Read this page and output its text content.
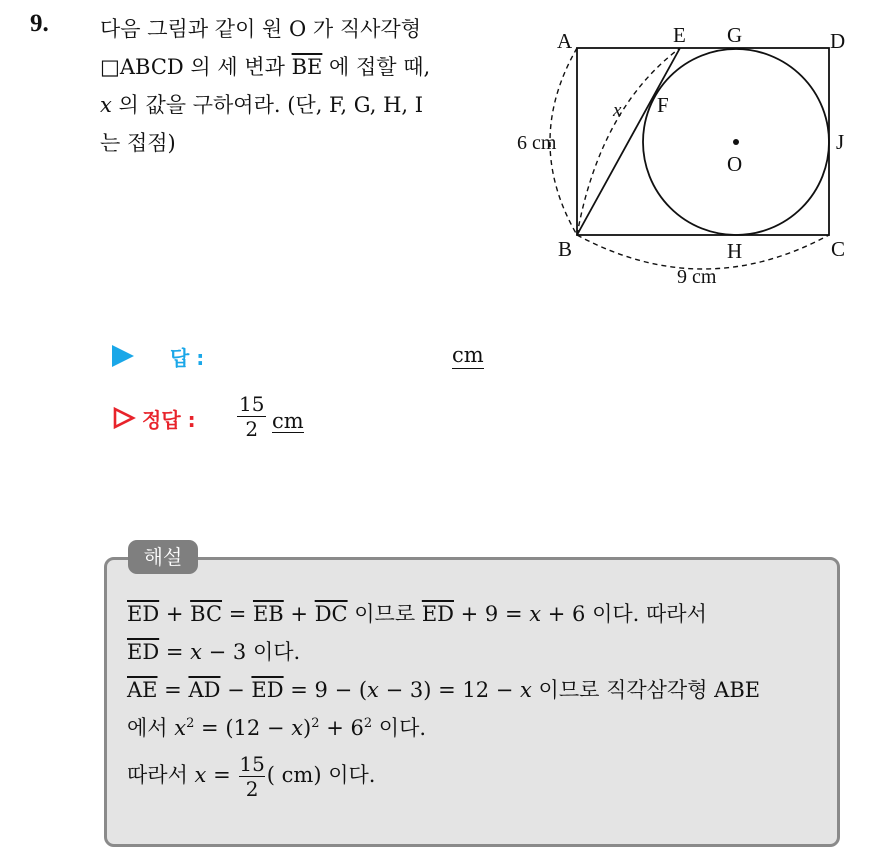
9. 다음 그림과 같이 원 O 가 직사각형
□ABCD 의 세 변과 $\overline{BE}$ 에 접할 때,
x 의 값을 구하여라. (단, F, G, H, I
는 접점)
A	E G	D
F
x
J
O
6 cm
B	H	C
9 cm
답 :	cm
정답 : $\frac{15}{2}$ cm
해설
$\overline{ED} + \overline{BC} = \overline{EB} + \overline{DC}$ 이므로 $\overline{ED} + 9 = x + 6$ 이다. 따라서
$\overline{ED} = x - 3$ 이다.
$\overline{AE} = \overline{AD} - \overline{ED} = 9 - (x - 3) = 12 - x$ 이므로 직각삼각형 ABE
에서 $x^2 = (12 - x)^2 + 6^2$ 이다.
따라서 $x = \frac{15}{2}$ ( cm) 이다.
